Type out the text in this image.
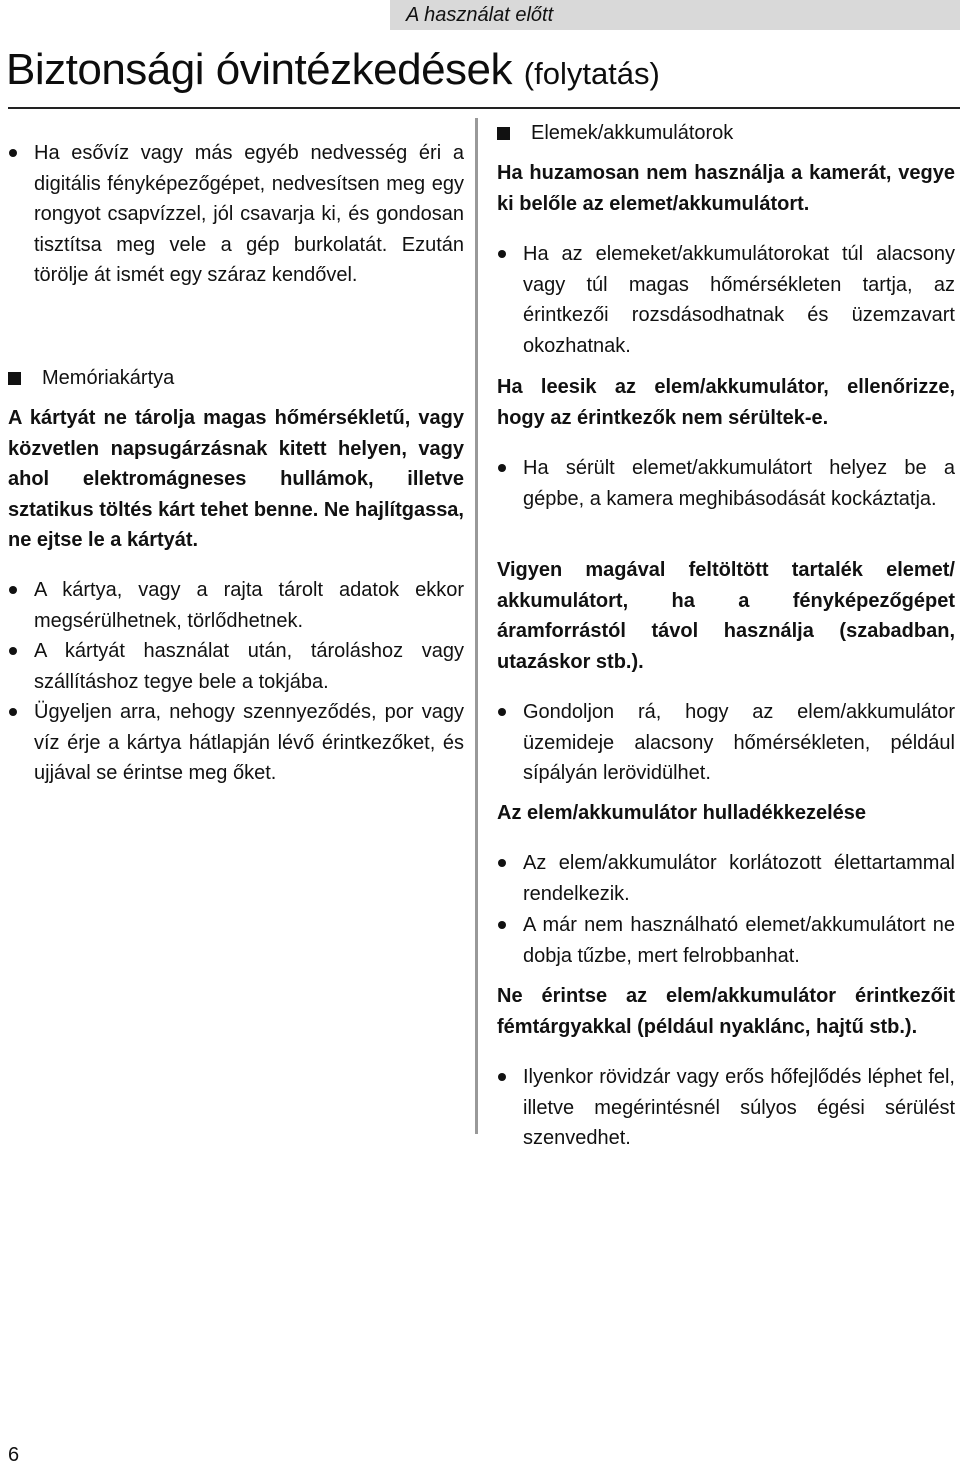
A használat előtt
Biztonsági óvintézkedések (folytatás)

Ha esővíz vagy más egyéb nedvesség éri a digitális fényképezőgépet, nedvesítsen meg egy rongyot csapvízzel, jól csavarja ki, és gondosan tisztítsa meg vele a gép burkolatát. Ezután törölje át ismét egy száraz kendővel.

Memóriakártya

A kártyát ne tárolja magas hőmérsékletű, vagy közvetlen napsugárzásnak kitett helyen, vagy ahol elektromágneses hullámok, illetve sztatikus töltés kárt tehet benne. Ne hajlítgassa, ne ejtse le a kártyát.

A kártya, vagy a rajta tárolt adatok ekkor megsérülhetnek, törlődhetnek.

A kártyát használat után, tároláshoz vagy szállításhoz tegye bele a tokjába.

Ügyeljen arra, nehogy szennyeződés, por vagy víz érje a kártya hátlapján lévő érintkezőket, és ujjával se érintse meg őket.

Elemek/akkumulátorok

Ha huzamosan nem használja a kamerát, vegye ki belőle az elemet/akkumulátort.

Ha az elemeket/akkumulátorokat túl alacsony vagy túl magas hőmérsékleten tartja, az érintkezői rozsdásodhatnak és üzemzavart okozhatnak.

Ha leesik az elem/akkumulátor, ellenőrizze, hogy az érintkezők nem sérültek-e.

Ha sérült elemet/akkumulátort helyez be a gépbe, a kamera meghibásodását kockáztatja.

Vigyen magával feltöltött tartalék elemet/ akkumulátort, ha a fényképezőgépet áramforrástól távol használja (szabadban, utazáskor stb.).

Gondoljon rá, hogy az elem/akkumulátor üzemideje alacsony hőmérsékleten, például sípályán lerövidülhet.

Az elem/akkumulátor hulladékkezelése

Az elem/akkumulátor korlátozott élettartammal rendelkezik.

A már nem használható elemet/akkumulátort ne dobja tűzbe, mert felrobbanhat.

Ne érintse az elem/akkumulátor érintkezőit fémtárgyakkal (például nyaklánc, hajtű stb.).

Ilyenkor rövidzár vagy erős hőfejlődés léphet fel, illetve megérintésnél súlyos égési sérülést szenvedhet.

6
